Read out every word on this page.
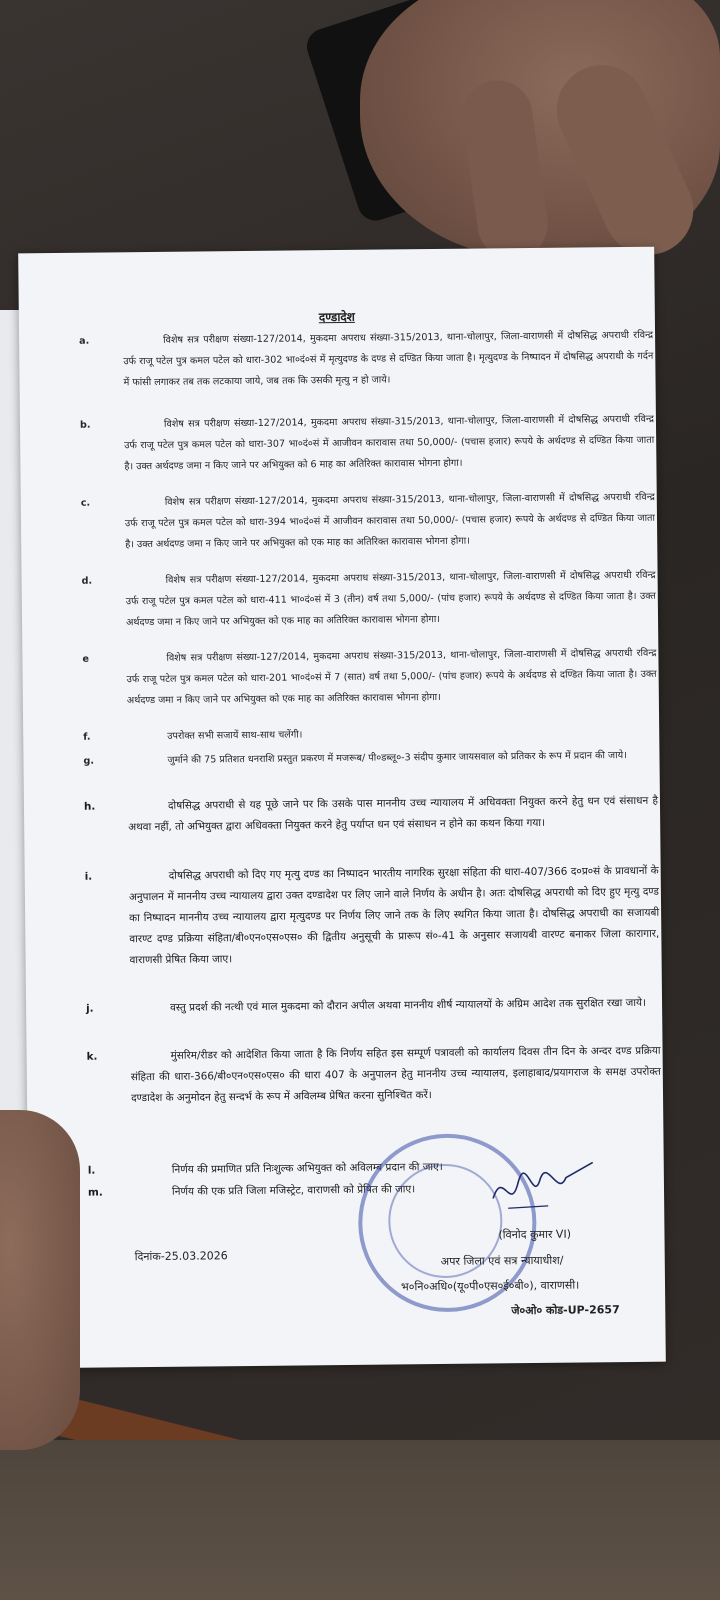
दण्डादेश
a.	विशेष सत्र परीक्षण संख्या-127/2014, मुकदमा अपराध संख्या-315/2013, थाना-चोलापुर, जिला-वाराणसी में दोषसिद्ध अपराधी रविन्द्र उर्फ राजू पटेल पुत्र कमल पटेल को धारा-302 भा०दं०सं में मृत्युदण्ड के दण्ड से दण्डित किया जाता है। मृत्युदण्ड के निष्पादन में दोषसिद्ध अपराधी के गर्दन में फांसी लगाकर तब तक लटकाया जाये, जब तक कि उसकी मृत्यु न हो जाये।
b.	विशेष सत्र परीक्षण संख्या-127/2014, मुकदमा अपराध संख्या-315/2013, थाना-चोलापुर, जिला-वाराणसी में दोषसिद्ध अपराधी रविन्द्र उर्फ राजू पटेल पुत्र कमल पटेल को धारा-307 भा०दं०सं में आजीवन कारावास तथा 50,000/- (पचास हजार) रूपये के अर्थदण्ड से दण्डित किया जाता है। उक्त अर्थदण्ड जमा न किए जाने पर अभियुक्त को 6 माह का अतिरिक्त कारावास भोगना होगा।
c.	विशेष सत्र परीक्षण संख्या-127/2014, मुकदमा अपराध संख्या-315/2013, थाना-चोलापुर, जिला-वाराणसी में दोषसिद्ध अपराधी रविन्द्र उर्फ राजू पटेल पुत्र कमल पटेल को धारा-394 भा०दं०सं में आजीवन कारावास तथा 50,000/- (पचास हजार) रूपये के अर्थदण्ड से दण्डित किया जाता है। उक्त अर्थदण्ड जमा न किए जाने पर अभियुक्त को एक माह का अतिरिक्त कारावास भोगना होगा।
d.	विशेष सत्र परीक्षण संख्या-127/2014, मुकदमा अपराध संख्या-315/2013, थाना-चोलापुर, जिला-वाराणसी में दोषसिद्ध अपराधी रविन्द्र उर्फ राजू पटेल पुत्र कमल पटेल को धारा-411 भा०दं०सं में 3 (तीन) वर्ष तथा 5,000/- (पांच हजार) रूपये के अर्थदण्ड से दण्डित किया जाता है। उक्त अर्थदण्ड जमा न किए जाने पर अभियुक्त को एक माह का अतिरिक्त कारावास भोगना होगा।
e	विशेष सत्र परीक्षण संख्या-127/2014, मुकदमा अपराध संख्या-315/2013, थाना-चोलापुर, जिला-वाराणसी में दोषसिद्ध अपराधी रविन्द्र उर्फ राजू पटेल पुत्र कमल पटेल को धारा-201 भा०दं०सं में 7 (सात) वर्ष तथा 5,000/- (पांच हजार) रूपये के अर्थदण्ड से दण्डित किया जाता है। उक्त अर्थदण्ड जमा न किए जाने पर अभियुक्त को एक माह का अतिरिक्त कारावास भोगना होगा।
f.	उपरोक्त सभी सजायें साथ-साथ चलेंगी।
g.	जुर्माने की 75 प्रतिशत धनराशि प्रस्तुत प्रकरण में मजरूब/ पी०डब्लू०-3 संदीप कुमार जायसवाल को प्रतिकर के रूप में प्रदान की जाये।
h.	दोषसिद्ध अपराधी से यह पूछे जाने पर कि उसके पास माननीय उच्च न्यायालय में अधिवक्ता नियुक्त करने हेतु धन एवं संसाधन है अथवा नहीं, तो अभियुक्त द्वारा अधिवक्ता नियुक्त करने हेतु पर्याप्त धन एवं संसाधन न होने का कथन किया गया।
i.	दोषसिद्ध अपराधी को दिए गए मृत्यु दण्ड का निष्पादन भारतीय नागरिक सुरक्षा संहिता की धारा-407/366 द०प्र०सं के प्रावधानों के अनुपालन में माननीय उच्च न्यायालय द्वारा उक्त दण्डादेश पर लिए जाने वाले निर्णय के अधीन है। अतः दोषसिद्ध अपराधी को दिए हुए मृत्यु दण्ड का निष्पादन माननीय उच्च न्यायालय द्वारा मृत्युदण्ड पर निर्णय लिए जाने तक के लिए स्थगित किया जाता है। दोषसिद्ध अपराधी का सजायबी वारण्ट दण्ड प्रक्रिया संहिता/बी०एन०एस०एस० की द्वितीय अनुसूची के प्रारूप सं०-41 के अनुसार सजायबी वारण्ट बनाकर जिला कारागार, वाराणसी प्रेषित किया जाए।
j.	वस्तु प्रदर्श की नत्थी एवं माल मुकदमा को दौरान अपील अथवा माननीय शीर्ष न्यायालयों के अग्रिम आदेश तक सुरक्षित रखा जाये।
k.	मुंसरिम/रीडर को आदेशित किया जाता है कि निर्णय सहित इस सम्पूर्ण पत्रावली को कार्यालय दिवस तीन दिन के अन्दर दण्ड प्रक्रिया संहिता की धारा-366/बी०एन०एस०एस० की धारा 407 के अनुपालन हेतु माननीय उच्च न्यायालय, इलाहाबाद/प्रयागराज के समक्ष उपरोक्त दण्डादेश के अनुमोदन हेतु सन्दर्भ के रूप में अविलम्ब प्रेषित करना सुनिश्चित करें।
l.	निर्णय की प्रमाणित प्रति निःशुल्क अभियुक्त को अविलम्ब प्रदान की जाए।
m.	निर्णय की एक प्रति जिला मजिस्ट्रेट, वाराणसी को प्रेषित की जाए।
दिनांक-25.03.2026
(विनोद कुमार VI)
अपर जिला एवं सत्र न्यायाधीश/
भ०नि०अधि०(यू०पी०एस०ई०बी०), वाराणसी।
जे०ओ० कोड-UP-2657
